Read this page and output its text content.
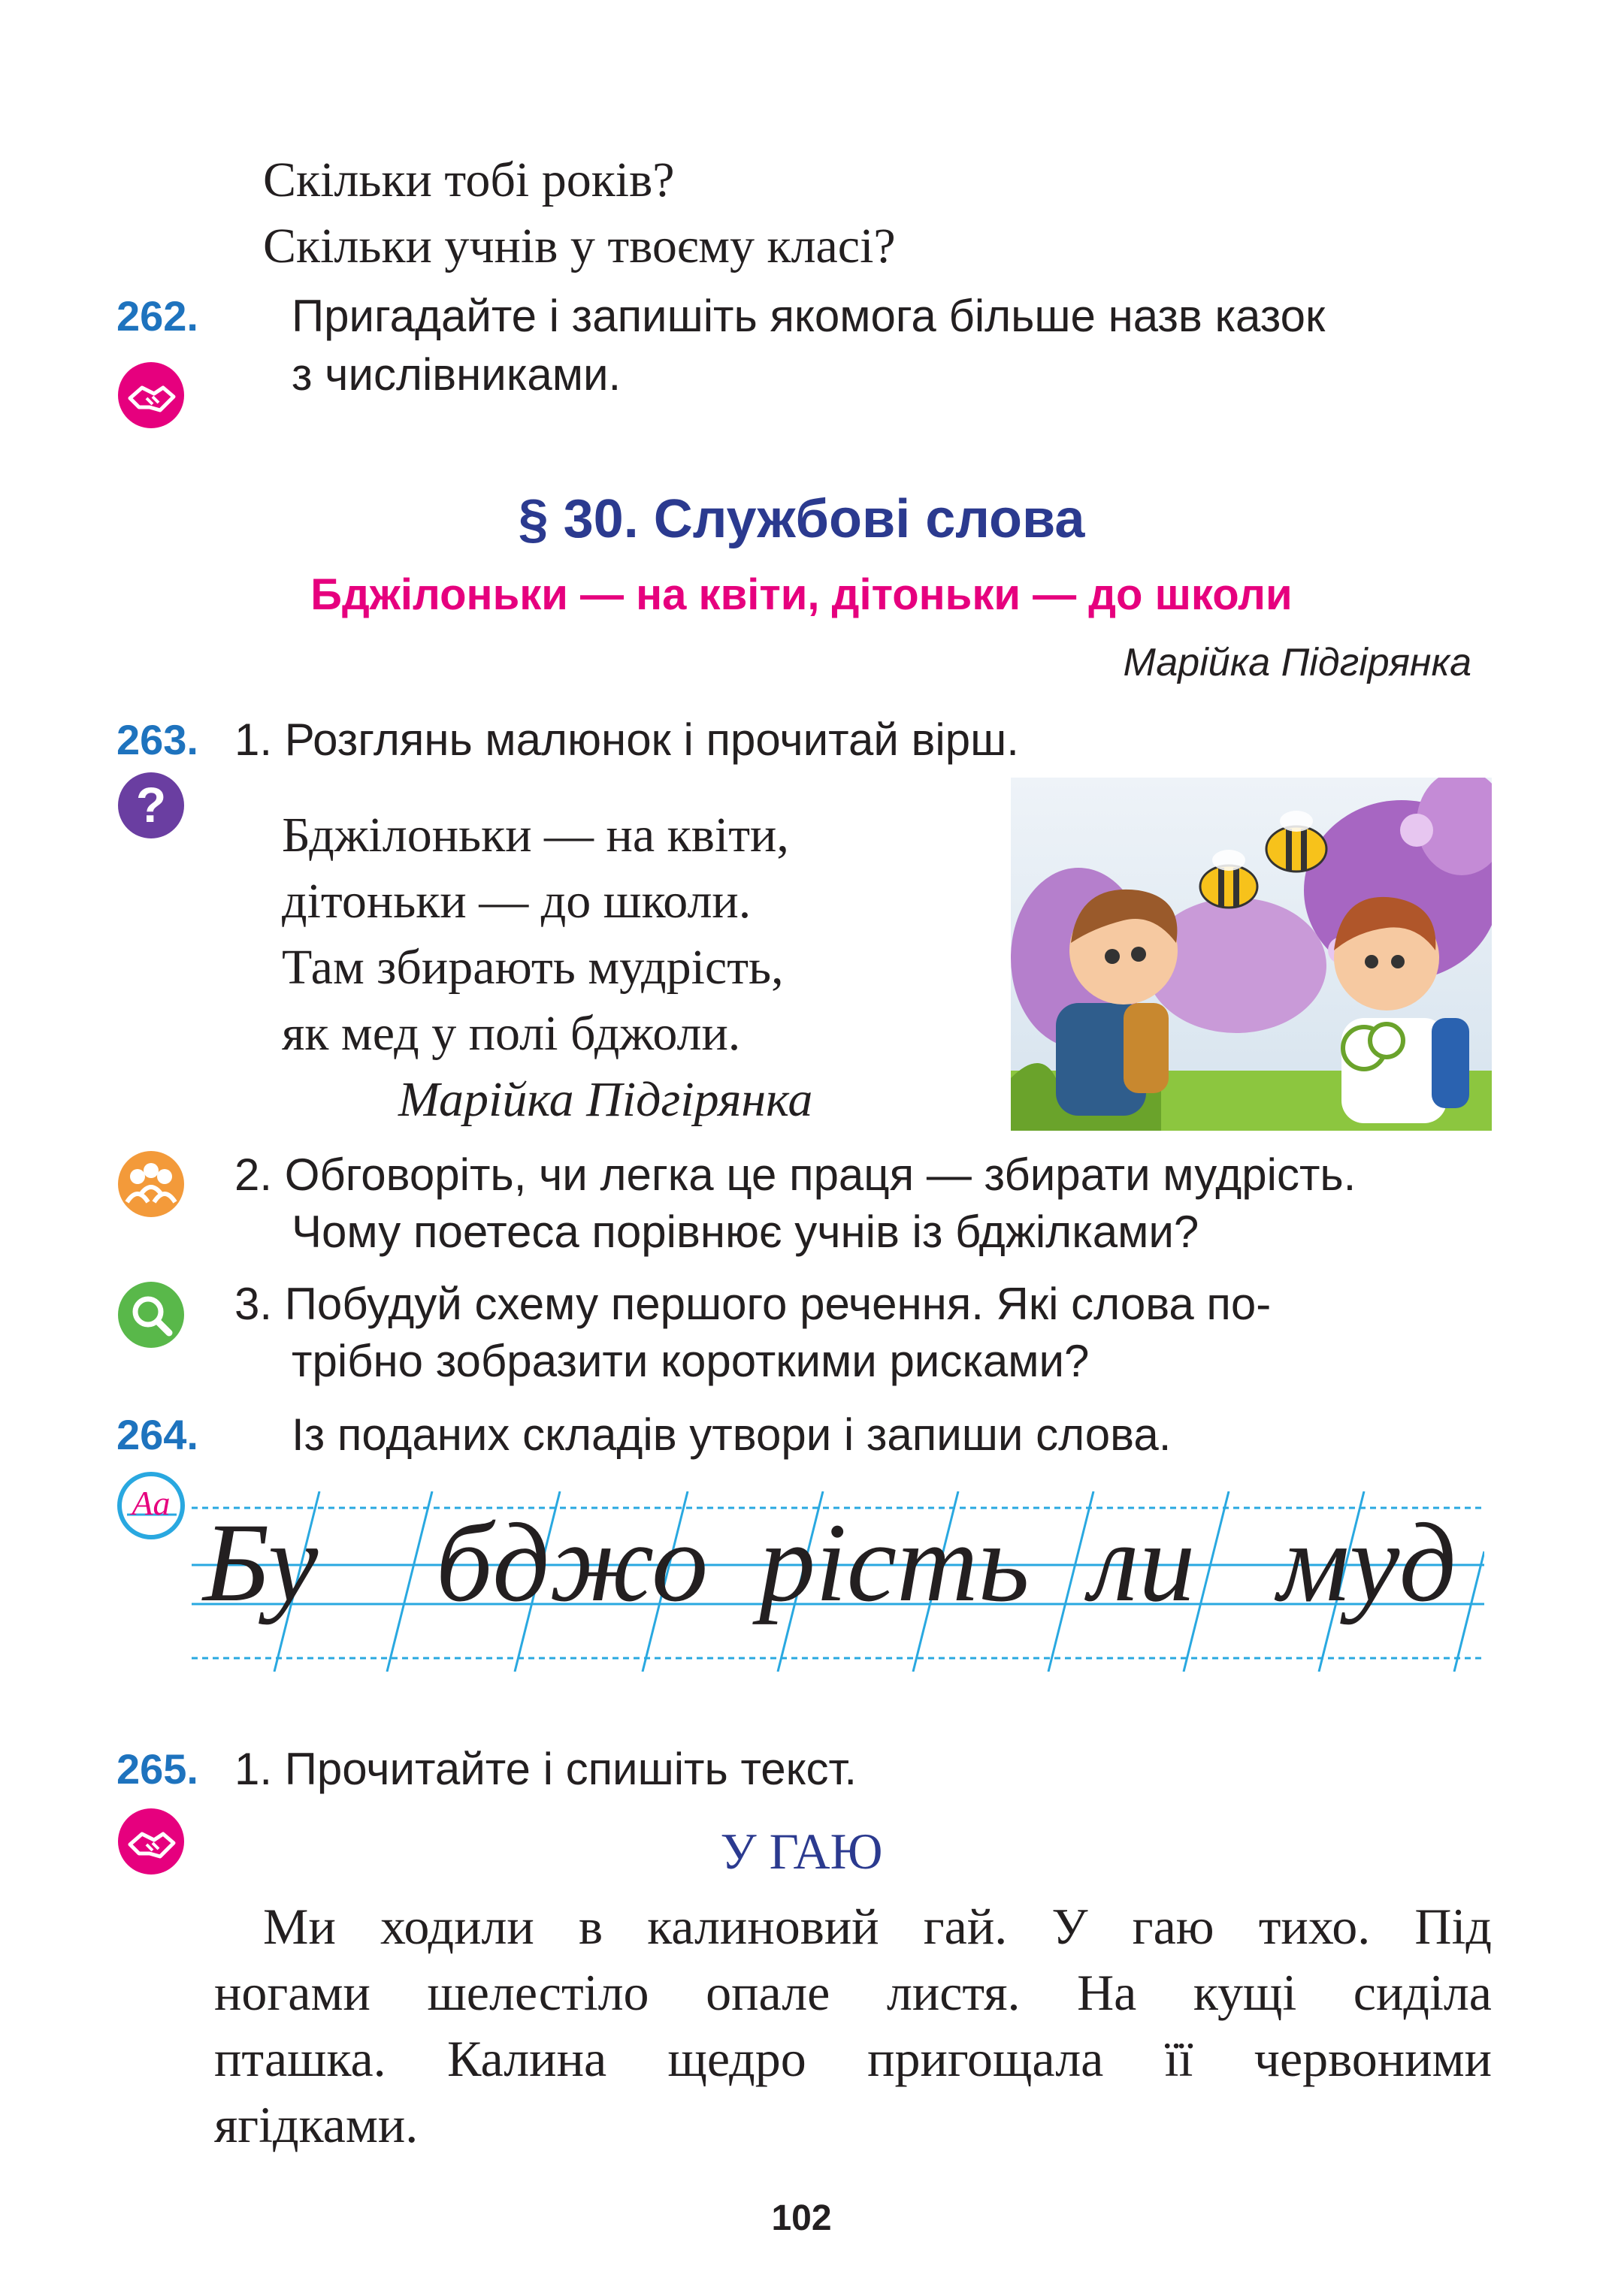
Скільки тобі років?
Скільки учнів у твоєму класі?
262. Пригадайте і запишіть якомога більше назв казок
з числівниками.
§ 30. Службові слова
Бджілоньки — на квіти, дітоньки — до школи
Марійка Підгірянка
263. 1. Розглянь малюнок і прочитай вірш.
?
Бджілоньки — на квіти,
дітоньки — до школи.
Там збирають мудрість,
як мед у полі бджоли.
Марійка Підгірянка
2. Обговоріть, чи легка це праця — збирати мудрість.
Чому поетеса порівнює учнів із бджілками?
3. Побудуй схему першого речення. Які слова по-
трібно зобразити короткими рисками?
264. Із поданих складів утвори і запиши слова.
Aa Бу бджо рість ли муд
265. 1. Прочитайте і спишіть текст.
У ГАЮ
Ми ходили в калиновий гай. У гаю тихо. Під
ногами шелестіло опале листя. На кущі сиділа
пташка. Калина щедро пригощала її червоними
ягідками.
102
